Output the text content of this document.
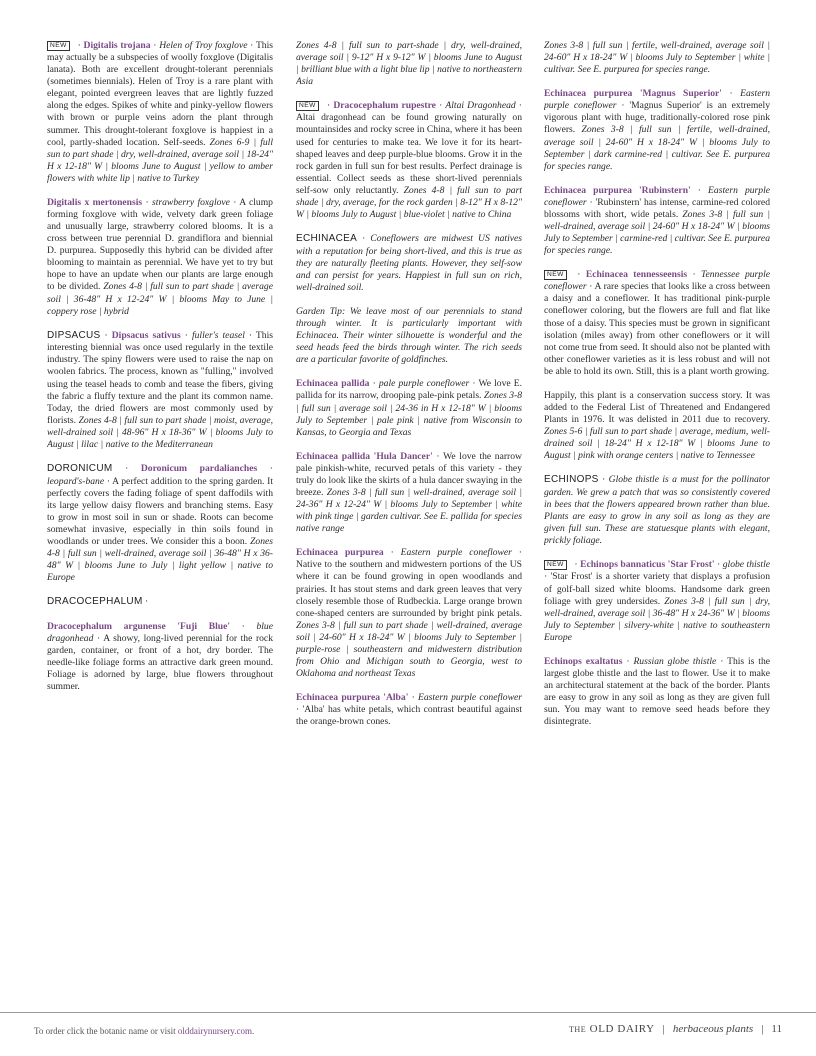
NEW · Digitalis trojana · Helen of Troy foxglove · This may actually be a subspecies of woolly foxglove (Digitalis lanata). Both are excellent drought-tolerant perennials (sometimes biennials). Helen of Troy is a rare plant with elegant, pointed evergreen leaves that are lightly fuzzed along the edges. Spikes of white and pinky-yellow flowers with brown or purple veins adorn the plant through summer. This drought-tolerant foxglove is happiest in a cool, partly-shaded location. Self-seeds. Zones 6-9 | full sun to part shade | dry, well-drained, average soil | 18-24" H x 12-18" W | blooms June to August | yellow to amber flowers with white lip | native to Turkey

Digitalis x mertonensis · strawberry foxglove · A clump forming foxglove with wide, velvety dark green foliage and unusually large, strawberry colored blooms. It is a cross between true perennial D. grandiflora and biennial D. purpurea. Supposedly this hybrid can be divided after blooming to maintain as perennial. We have yet to try but hope to have an update when our plants are large enough to be divided. Zones 4-8 | full sun to part shade | average soil | 36-48" H x 12-24" W | blooms May to June | coppery rose | hybrid

DIPSACUS · Dipsacus sativus · fuller's teasel · This interesting biennial was once used regularly in the textile industry. The spiny flowers were used to raise the nap on woolen fabrics. The process, known as "fulling," involved using the teasel heads to comb and tease the fibers, giving the fabric a fluffy texture and the plant its common name. Today, the dried flowers are most commonly used by florists. Zones 4-8 | full sun to part shade | moist, average, well-drained soil | 48-96" H x 18-36" W | blooms July to August | lilac | native to the Mediterranean

DORONICUM · Doronicum pardalianches · leopard's-bane · A perfect addition to the spring garden. It perfectly covers the fading foliage of spent daffodils with its large yellow daisy flowers and branching stems. Easy to grow in most soil in sun or shade. Roots can become somewhat invasive, especially in thin soils found in woodlands or under trees. We consider this a boon. Zones 4-8 | full sun | well-drained, average soil | 36-48" H x 36-48" W | blooms June to July | light yellow | native to Europe

DRACOCEPHALUM ·

Dracocephalum argunense 'Fuji Blue' · blue dragonhead · A showy, long-lived perennial for the rock garden, container, or front of a hot, dry border. The needle-like foliage forms an attractive dark green mound. Foliage is adorned by large, blue flowers throughout summer.

Zones 4-8 | full sun to part-shade | dry, well-drained, average soil | 9-12" H x 9-12" W | blooms June to August | brilliant blue with a light blue lip | native to northeastern Asia

NEW · Dracocephalum rupestre · Altai Dragonhead · Altai dragonhead can be found growing naturally on mountainsides and rocky scree in China, where it has been used for centuries to make tea. We love it for its heart-shaped leaves and deep purple-blue blooms. Grow it in the rock garden in full sun for best results. Perfect drainage is essential. Collect seeds as these short-lived perennials self-sow only reluctantly. Zones 4-8 | full sun to part shade | dry, average, for the rock garden | 8-12" H x 8-12" W | blooms July to August | blue-violet | native to China

ECHINACEA · Coneflowers are midwest US natives with a reputation for being short-lived, and this is true as they are naturally fleeting plants. However, they self-sow and can persist for years. Happiest in full sun on rich, well-drained soil.

Garden Tip: We leave most of our perennials to stand through winter. It is particularly important with Echinacea. Their winter silhouette is wonderful and the seed heads feed the birds through winter. The rich seeds are a particular favorite of goldfinches.

Echinacea pallida · pale purple coneflower · We love E. pallida for its narrow, drooping pale-pink petals. Zones 3-8 | full sun | average soil | 24-36 in H x 12-18" W | blooms July to September | pale pink | native from Wisconsin to Kansas, to Georgia and Texas

Echinacea pallida 'Hula Dancer' · We love the narrow pale pinkish-white, recurved petals of this variety - they truly do look like the skirts of a hula dancer swaying in the breeze. Zones 3-8 | full sun | well-drained, average soil | 24-36" H x 12-24" W | blooms July to September | white with pink tinge | garden cultivar. See E. pallida for species native range

Echinacea purpurea · Eastern purple coneflower · Native to the southern and midwestern portions of the US where it can be found growing in open woodlands and prairies. It has stout stems and dark green leaves that very closely resemble those of Rudbeckia. Large orange brown cone-shaped centers are surrounded by bright pink petals. Zones 3-8 | full sun to part shade | well-drained, average soil | 24-60" H x 18-24" W | blooms July to September | purple-rose | southeastern and midwestern distribution from Ohio and Michigan south to Georgia, west to Oklahoma and northeast Texas

Echinacea purpurea 'Alba' · Eastern purple coneflower · 'Alba' has white petals, which contrast beautiful against the orange-brown cones.

Zones 3-8 | full sun | fertile, well-drained, average soil | 24-60" H x 18-24" W | blooms July to September | white | cultivar. See E. purpurea for species range.

Echinacea purpurea 'Magnus Superior' · Eastern purple coneflower · 'Magnus Superior' is an extremely vigorous plant with huge, traditionally-colored rose pink flowers. Zones 3-8 | full sun | fertile, well-drained, average soil | 24-60" H x 18-24" W | blooms July to September | dark carmine-red | cultivar. See E. purpurea for species range.

Echinacea purpurea 'Rubinstern' · Eastern purple coneflower · 'Rubinstern' has intense, carmine-red colored blossoms with short, wide petals. Zones 3-8 | full sun | well-drained, average soil | 24-60" H x 18-24" W | blooms July to September | carmine-red | cultivar. See E. purpurea for species range.

NEW · Echinacea tennesseensis · Tennessee purple coneflower · A rare species that looks like a cross between a daisy and a coneflower. It has traditional pink-purple coneflower coloring, but the flowers are full and flat like those of a daisy. This species must be grown in significant isolation (miles away) from other coneflowers or it will not come true from seed. It should also not be planted with other coneflower varieties as it is less robust and will not be able to hold its own. Still, this is a plant worth growing.

Happily, this plant is a conservation success story. It was added to the Federal List of Threatened and Endangered Plants in 1976. It was delisted in 2011 due to recovery. Zones 5-6 | full sun to part shade | average, medium, well-drained soil | 18-24" H x 12-18" W | blooms June to August | pink with orange centers | native to Tennessee

ECHINOPS · Globe thistle is a must for the pollinator garden. We grew a patch that was so consistently covered in bees that the flowers appeared brown rather than blue. Plants are easy to grow in any soil as long as they are given full sun. These are statuesque plants with elegant, prickly foliage.

NEW · Echinops bannaticus 'Star Frost' · globe thistle · 'Star Frost' is a shorter variety that displays a profusion of golf-ball sized white blooms. Handsome dark green foliage with grey undersides. Zones 3-8 | full sun | dry, well-drained, average soil | 36-48" H x 24-36" W | blooms July to September | silvery-white | native to southeastern Europe

Echinops exaltatus · Russian globe thistle · This is the largest globe thistle and the last to flower. Use it to make an architectural statement at the back of the border. Plants are easy to grow in any soil as long as they are given full sun. You may want to remove seed heads before they disintegrate.

To order click the botanic name or visit olddairynursery.com.	THE OLD DAIRY | herbaceous plants | 11
